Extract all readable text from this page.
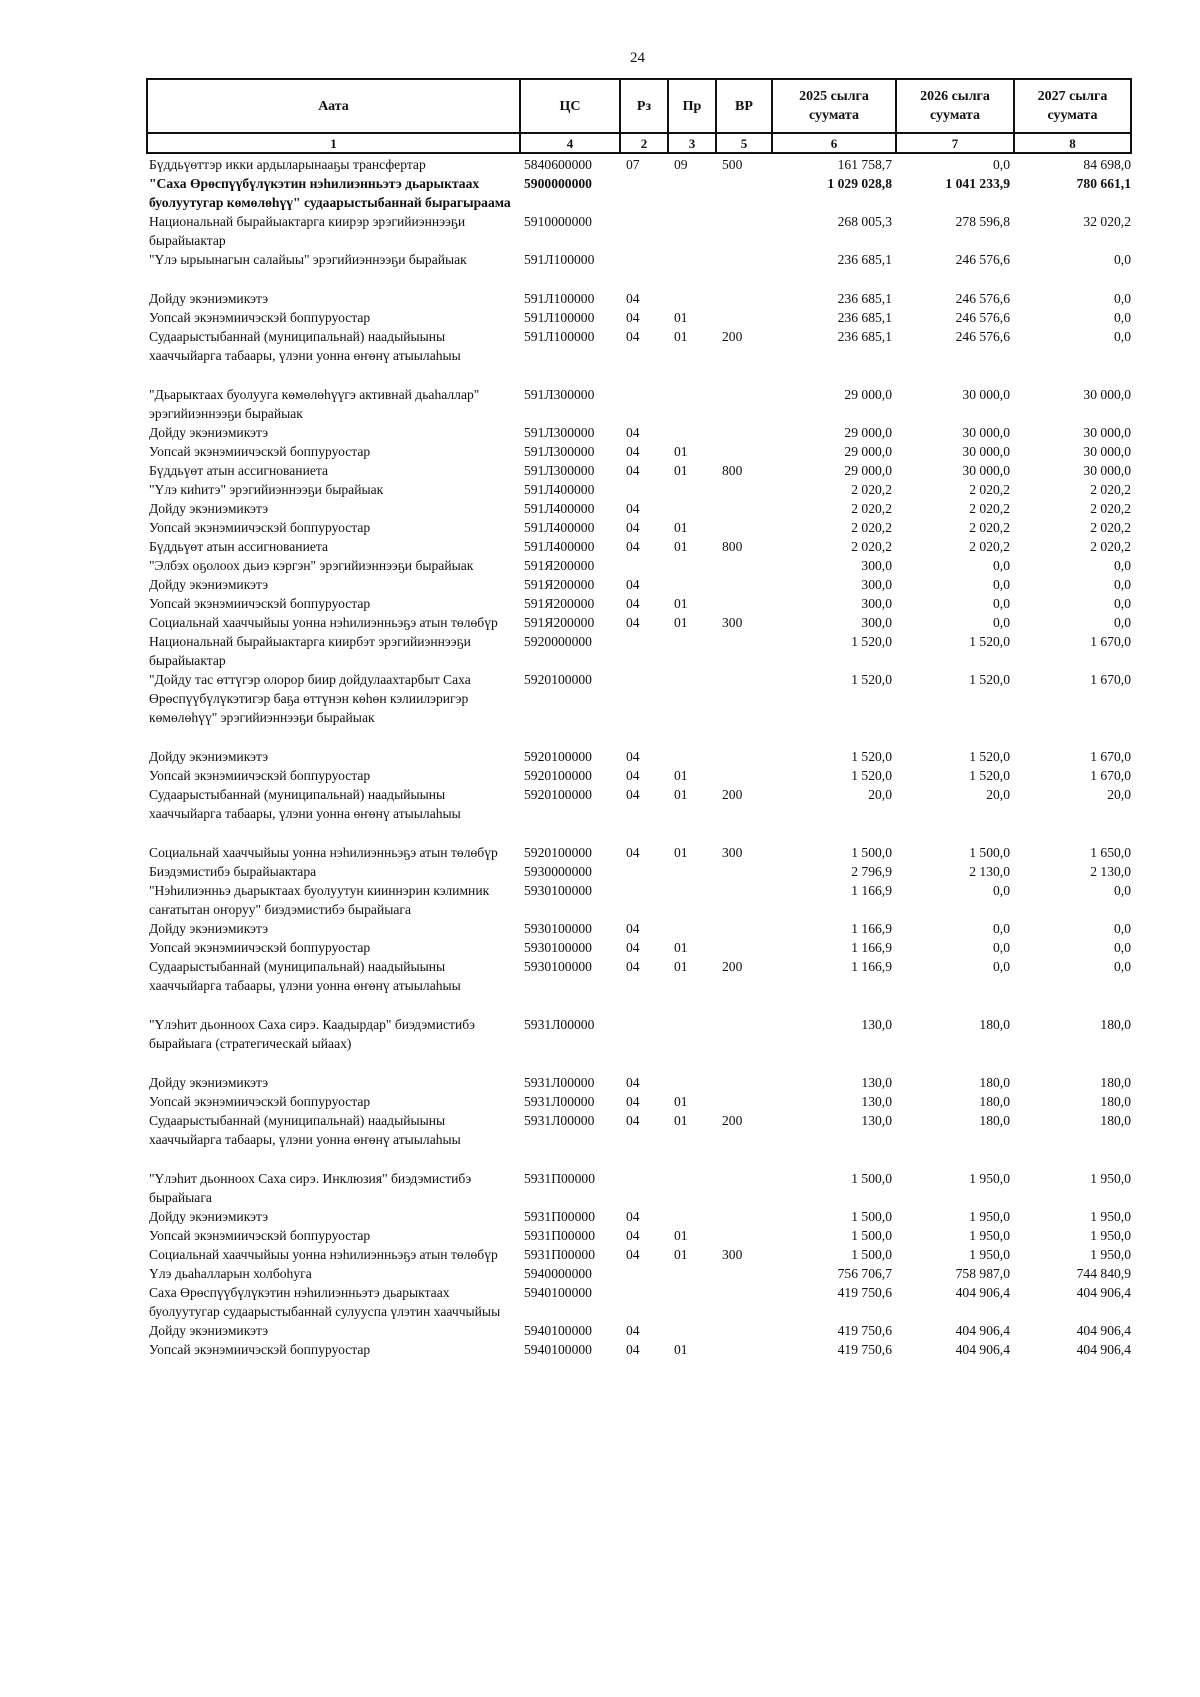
24
Аата	ЦС	Рз	Пр	ВР	2025 сылга суумата	2026 сылга суумата	2027 сылга суумата
1	4	2	3	5	6	7	8
Бүддьүөттэр икки ардыларынааҕы трансфертар	5840600000	07	09	500	161 758,7	0,0	84 698,0
"Саха Өрөспүүбүлүкэтин нэһилиэнньэтэ дьарыктаах буолуутугар көмөлөһүү" судаарыстыбаннай бырагыраама	5900000000				1 029 028,8	1 041 233,9	780 661,1
Национальнай бырайыактарга киирэр эрэгийиэннээҕи бырайыактар	5910000000				268 005,3	278 596,8	32 020,2
"Үлэ ырыынагын салайыы" эрэгийиэннээҕи бырайыак	591Л100000				236 685,1	246 576,6	0,0

Дойду экэниэмикэтэ	591Л100000	04			236 685,1	246 576,6	0,0
Уопсай экэнэмиичэскэй боппуруостар	591Л100000	04	01		236 685,1	246 576,6	0,0
Судаарыстыбаннай (муниципальнай) наадыйыыны хааччыйарга табаары, үлэни уонна өҥөнү атыылаһыы	591Л100000	04	01	200	236 685,1	246 576,6	0,0

"Дьарыктаах буолууга көмөлөһүүгэ активнай дьаһаллар" эрэгийиэннээҕи бырайыак	591Л300000				29 000,0	30 000,0	30 000,0
Дойду экэниэмикэтэ	591Л300000	04			29 000,0	30 000,0	30 000,0
Уопсай экэнэмиичэскэй боппуруостар	591Л300000	04	01		29 000,0	30 000,0	30 000,0
Бүддьүөт атын ассигнованиета	591Л300000	04	01	800	29 000,0	30 000,0	30 000,0
"Үлэ киһитэ" эрэгийиэннээҕи бырайыак	591Л400000				2 020,2	2 020,2	2 020,2
Дойду экэниэмикэтэ	591Л400000	04			2 020,2	2 020,2	2 020,2
Уопсай экэнэмиичэскэй боппуруостар	591Л400000	04	01		2 020,2	2 020,2	2 020,2
Бүддьүөт атын ассигнованиета	591Л400000	04	01	800	2 020,2	2 020,2	2 020,2
"Элбэх оҕолоох дьиэ кэргэн" эрэгийиэннээҕи бырайыак	591Я200000				300,0	0,0	0,0
Дойду экэниэмикэтэ	591Я200000	04			300,0	0,0	0,0
Уопсай экэнэмиичэскэй боппуруостар	591Я200000	04	01		300,0	0,0	0,0
Социальнай хааччыйыы уонна нэһилиэнньэҕэ атын төлөбүр	591Я200000	04	01	300	300,0	0,0	0,0
Национальнай бырайыактарга киирбэт эрэгийиэннээҕи бырайыактар	5920000000				1 520,0	1 520,0	1 670,0
"Дойду тас өттүгэр олорор биир дойдулаахтарбыт Саха Өрөспүүбүлүкэтигэр баҕа өттүнэн көһөн кэлиилэригэр көмөлөһүү" эрэгийиэннээҕи бырайыак	5920100000				1 520,0	1 520,0	1 670,0

Дойду экэниэмикэтэ	5920100000	04			1 520,0	1 520,0	1 670,0
Уопсай экэнэмиичэскэй боппуруостар	5920100000	04	01		1 520,0	1 520,0	1 670,0
Судаарыстыбаннай (муниципальнай) наадыйыыны хааччыйарга табаары, үлэни уонна өҥөнү атыылаһыы	5920100000	04	01	200	20,0	20,0	20,0

Социальнай хааччыйыы уонна нэһилиэнньэҕэ атын төлөбүр	5920100000	04	01	300	1 500,0	1 500,0	1 650,0
Биэдэмистибэ бырайыактара	5930000000				2 796,9	2 130,0	2 130,0
"Нэһилиэнньэ дьарыктаах буолуутун кииннэрин кэлимник саҥатытан оҥоруу" биэдэмистибэ бырайыага	5930100000				1 166,9	0,0	0,0
Дойду экэниэмикэтэ	5930100000	04			1 166,9	0,0	0,0
Уопсай экэнэмиичэскэй боппуруостар	5930100000	04	01		1 166,9	0,0	0,0
Судаарыстыбаннай (муниципальнай) наадыйыыны хааччыйарга табаары, үлэни уонна өҥөнү атыылаһыы	5930100000	04	01	200	1 166,9	0,0	0,0

"Үлэһит дьонноох Саха сирэ. Каадырдар" биэдэмистибэ бырайыага (стратегическай ыйаах)	5931Л00000				130,0	180,0	180,0

Дойду экэниэмикэтэ	5931Л00000	04			130,0	180,0	180,0
Уопсай экэнэмиичэскэй боппуруостар	5931Л00000	04	01		130,0	180,0	180,0
Судаарыстыбаннай (муниципальнай) наадыйыыны хааччыйарга табаары, үлэни уонна өҥөнү атыылаһыы	5931Л00000	04	01	200	130,0	180,0	180,0

"Үлэһит дьонноох Саха сирэ. Инклюзия" биэдэмистибэ бырайыага	5931П00000				1 500,0	1 950,0	1 950,0
Дойду экэниэмикэтэ	5931П00000	04			1 500,0	1 950,0	1 950,0
Уопсай экэнэмиичэскэй боппуруостар	5931П00000	04	01		1 500,0	1 950,0	1 950,0
Социальнай хааччыйыы уонна нэһилиэнньэҕэ атын төлөбүр	5931П00000	04	01	300	1 500,0	1 950,0	1 950,0
Үлэ дьаһалларын холбоһуга	5940000000				756 706,7	758 987,0	744 840,9
Саха Өрөспүүбүлүкэтин нэһилиэнньэтэ дьарыктаах буолуутугар судаарыстыбаннай сулууспа үлэтин хааччыйыы	5940100000				419 750,6	404 906,4	404 906,4
Дойду экэниэмикэтэ	5940100000	04			419 750,6	404 906,4	404 906,4
Уопсай экэнэмиичэскэй боппуруостар	5940100000	04	01		419 750,6	404 906,4	404 906,4
